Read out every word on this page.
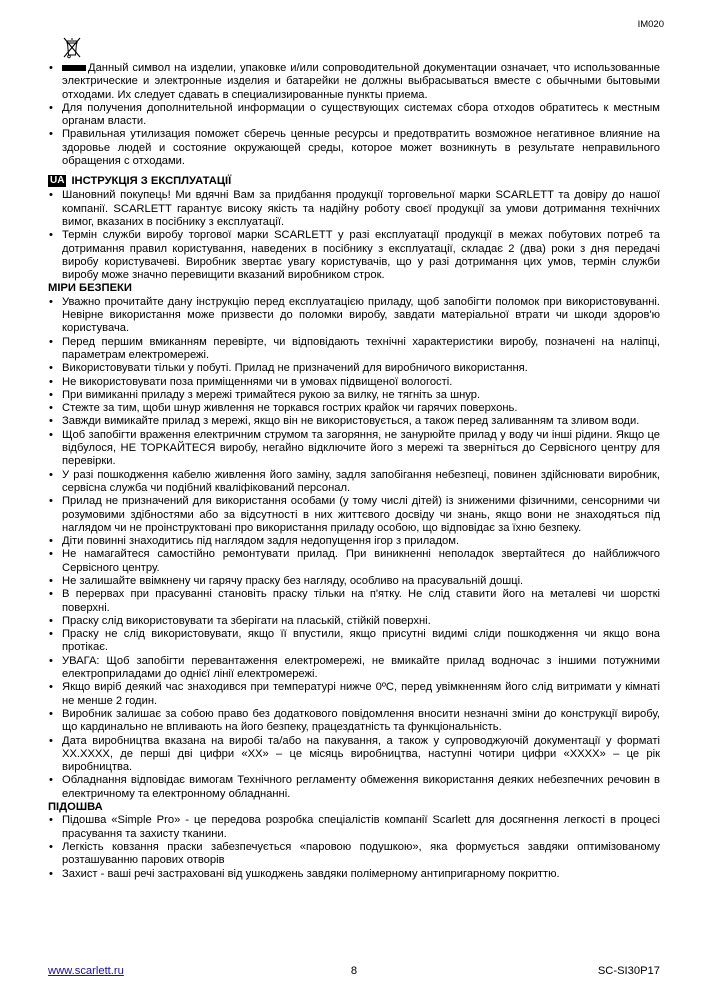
IM020
• Данный символ на изделии, упаковке и/или сопроводительной документации означает, что использованные электрические и электронные изделия и батарейки не должны выбрасываться вместе с обычными бытовыми отходами. Их следует сдавать в специализированные пункты приема.
• Для получения дополнительной информации о существующих системах сбора отходов обратитесь к местным органам власти.
• Правильная утилизация поможет сберечь ценные ресурсы и предотвратить возможное негативное влияние на здоровье людей и состояние окружающей среды, которое может возникнуть в результате неправильного обращения с отходами.
UA ІНСТРУКЦІЯ З ЕКСПЛУАТАЦІЇ
• Шановний покупець! Ми вдячні Вам за придбання продукції торговельної марки SCARLETT та довіру до нашої компанії. SCARLETT гарантує високу якість та надійну роботу своєї продукції за умови дотримання технічних вимог, вказаних в посібнику з експлуатації.
• Термін служби виробу торгової марки SCARLETT у разі експлуатації продукції в межах побутових потреб та дотримання правил користування, наведених в посібнику з експлуатації, складає 2 (два) роки з дня передачі виробу користувачеві. Виробник звертає увагу користувачів, що у разі дотримання цих умов, термін служби виробу може значно перевищити вказаний виробником строк.
МІРИ БЕЗПЕКИ
• Уважно прочитайте дану інструкцію перед експлуатацією приладу, щоб запобігти поломок при використовуванні. Невірне використання може призвести до поломки виробу, завдати матеріальної втрати чи шкоди здоров'ю користувача.
• Перед першим вмиканням перевірте, чи відповідають технічні характеристики виробу, позначені на наліпці, параметрам електромережі.
• Використовувати тільки у побуті. Прилад не призначений для виробничого використання.
• Не використовувати поза приміщеннями чи в умовах підвищеної вологості.
• При вимиканні приладу з мережі тримайтеся рукою за вилку, не тягніть за шнур.
• Стежте за тим, щоби шнур живлення не торкався гострих крайок чи гарячих поверхонь.
• Завжди вимикайте прилад з мережі, якщо він не використовується, а також перед заливанням та зливом води.
• Щоб запобігти враження електричним струмом та загоряння, не занурюйте прилад у воду чи інші рідини. Якщо це відбулося, НЕ ТОРКАЙТЕСЯ виробу, негайно відключите його з мережі та зверніться до Сервісного центру для перевірки.
• У разі пошкодження кабелю живлення його заміну, задля запобігання небезпеці, повинен здійснювати виробник, сервісна служба чи подібний кваліфікований персонал.
• Прилад не призначений для використання особами (у тому числі дітей) із зниженими фізичними, сенсорними чи розумовими здібностями або за відсутності в них життєвого досвіду чи знань, якщо вони не знаходяться під наглядом чи не проінструктовані про використання приладу особою, що відповідає за їхню безпеку.
• Діти повинні знаходитись під наглядом задля недопущення ігор з приладом.
• Не намагайтеся самостійно ремонтувати прилад. При виникненні неполадок звертайтеся до найближчого Сервісного центру.
• Не залишайте ввімкнену чи гарячу праску без нагляду, особливо на прасувальній дошці.
• В перервах при прасуванні становіть праску тільки на п'ятку. Не слід ставити його на металеві чи шорсткі поверхні.
• Праску слід використовувати та зберігати на плаській, стійкій поверхні.
• Праску не слід використовувати, якщо її впустили, якщо присутні видимі сліди пошкодження чи якщо вона протікає.
• УВАГА: Щоб запобігти перевантаження електромережі, не вмикайте прилад водночас з іншими потужними електроприладами до однієї лінії електромережі.
• Якщо виріб деякий час знаходився при температурі нижче 0ºC, перед увімкненням його слід витримати у кімнаті не менше 2 годин.
• Виробник залишає за собою право без додаткового повідомлення вносити незначні зміни до конструкції виробу, що кардинально не впливають на його безпеку, працездатність та функціональність.
• Дата виробництва вказана на виробі та/або на пакування, а також у супроводжуючій документації у форматі XX.XXXX, де перші дві цифри «XX» – це місяць виробництва, наступні чотири цифри «XXXX» – це рік виробництва.
• Обладнання відповідає вимогам Технічного регламенту обмеження використання деяких небезпечних речовин в електричному та електронному обладнанні.
ПІДОШВА
• Підошва «Simple Pro» - це передова розробка спеціалістів компанії Scarlett для досягнення легкості в процесі прасування та захисту тканини.
• Легкість ковзання праски забезпечується «паровою подушкою», яка формується завдяки оптимізованому розташуванню парових отворів
• Захист - ваші речі застраховані від ушкоджень завдяки полімерному антипригарному покриттю.
8
www.scarlett.ru	SC-SI30P17
